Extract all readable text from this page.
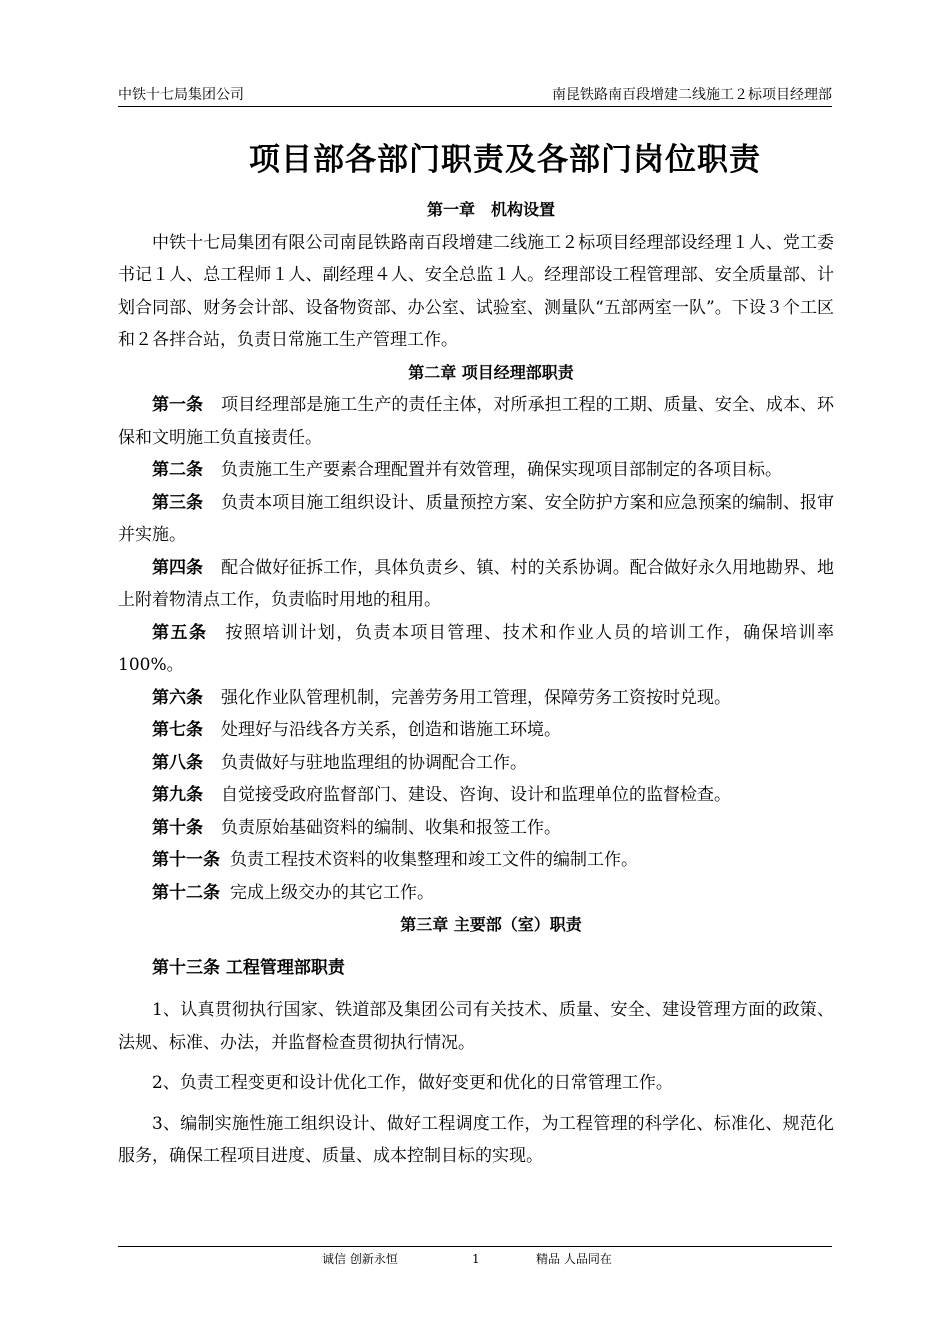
中铁十七局集团公司	南昆铁路南百段增建二线施工２标项目经理部
项目部各部门职责及各部门岗位职责

第一章　机构设置

中铁十七局集团有限公司南昆铁路南百段增建二线施工２标项目经理部设经理１人、党工委书记１人、总工程师１人、副经理４人、安全总监１人。经理部设工程管理部、安全质量部、计划合同部、财务会计部、设备物资部、办公室、试验室、测量队“五部两室一队”。下设３个工区和２各拌合站，负责日常施工生产管理工作。

第二章 项目经理部职责

第一条 项目经理部是施工生产的责任主体，对所承担工程的工期、质量、安全、成本、环保和文明施工负直接责任。

第二条 负责施工生产要素合理配置并有效管理，确保实现项目部制定的各项目标。

第三条 负责本项目施工组织设计、质量预控方案、安全防护方案和应急预案的编制、报审并实施。

第四条 配合做好征拆工作，具体负责乡、镇、村的关系协调。配合做好永久用地勘界、地上附着物清点工作，负责临时用地的租用。

第五条 按照培训计划，负责本项目管理、技术和作业人员的培训工作，确保培训率100%。

第六条 强化作业队管理机制，完善劳务用工管理，保障劳务工资按时兑现。

第七条 处理好与沿线各方关系，创造和谐施工环境。

第八条 负责做好与驻地监理组的协调配合工作。

第九条 自觉接受政府监督部门、建设、咨询、设计和监理单位的监督检查。

第十条 负责原始基础资料的编制、收集和报签工作。

第十一条 负责工程技术资料的收集整理和竣工文件的编制工作。

第十二条 完成上级交办的其它工作。

第三章 主要部（室）职责

第十三条 工程管理部职责

1、认真贯彻执行国家、铁道部及集团公司有关技术、质量、安全、建设管理方面的政策、法规、标准、办法，并监督检查贯彻执行情况。

2、负责工程变更和设计优化工作，做好变更和优化的日常管理工作。

3、编制实施性施工组织设计、做好工程调度工作，为工程管理的科学化、标准化、规范化服务，确保工程项目进度、质量、成本控制目标的实现。

诚信 创新永恒	1	精品 人品同在
